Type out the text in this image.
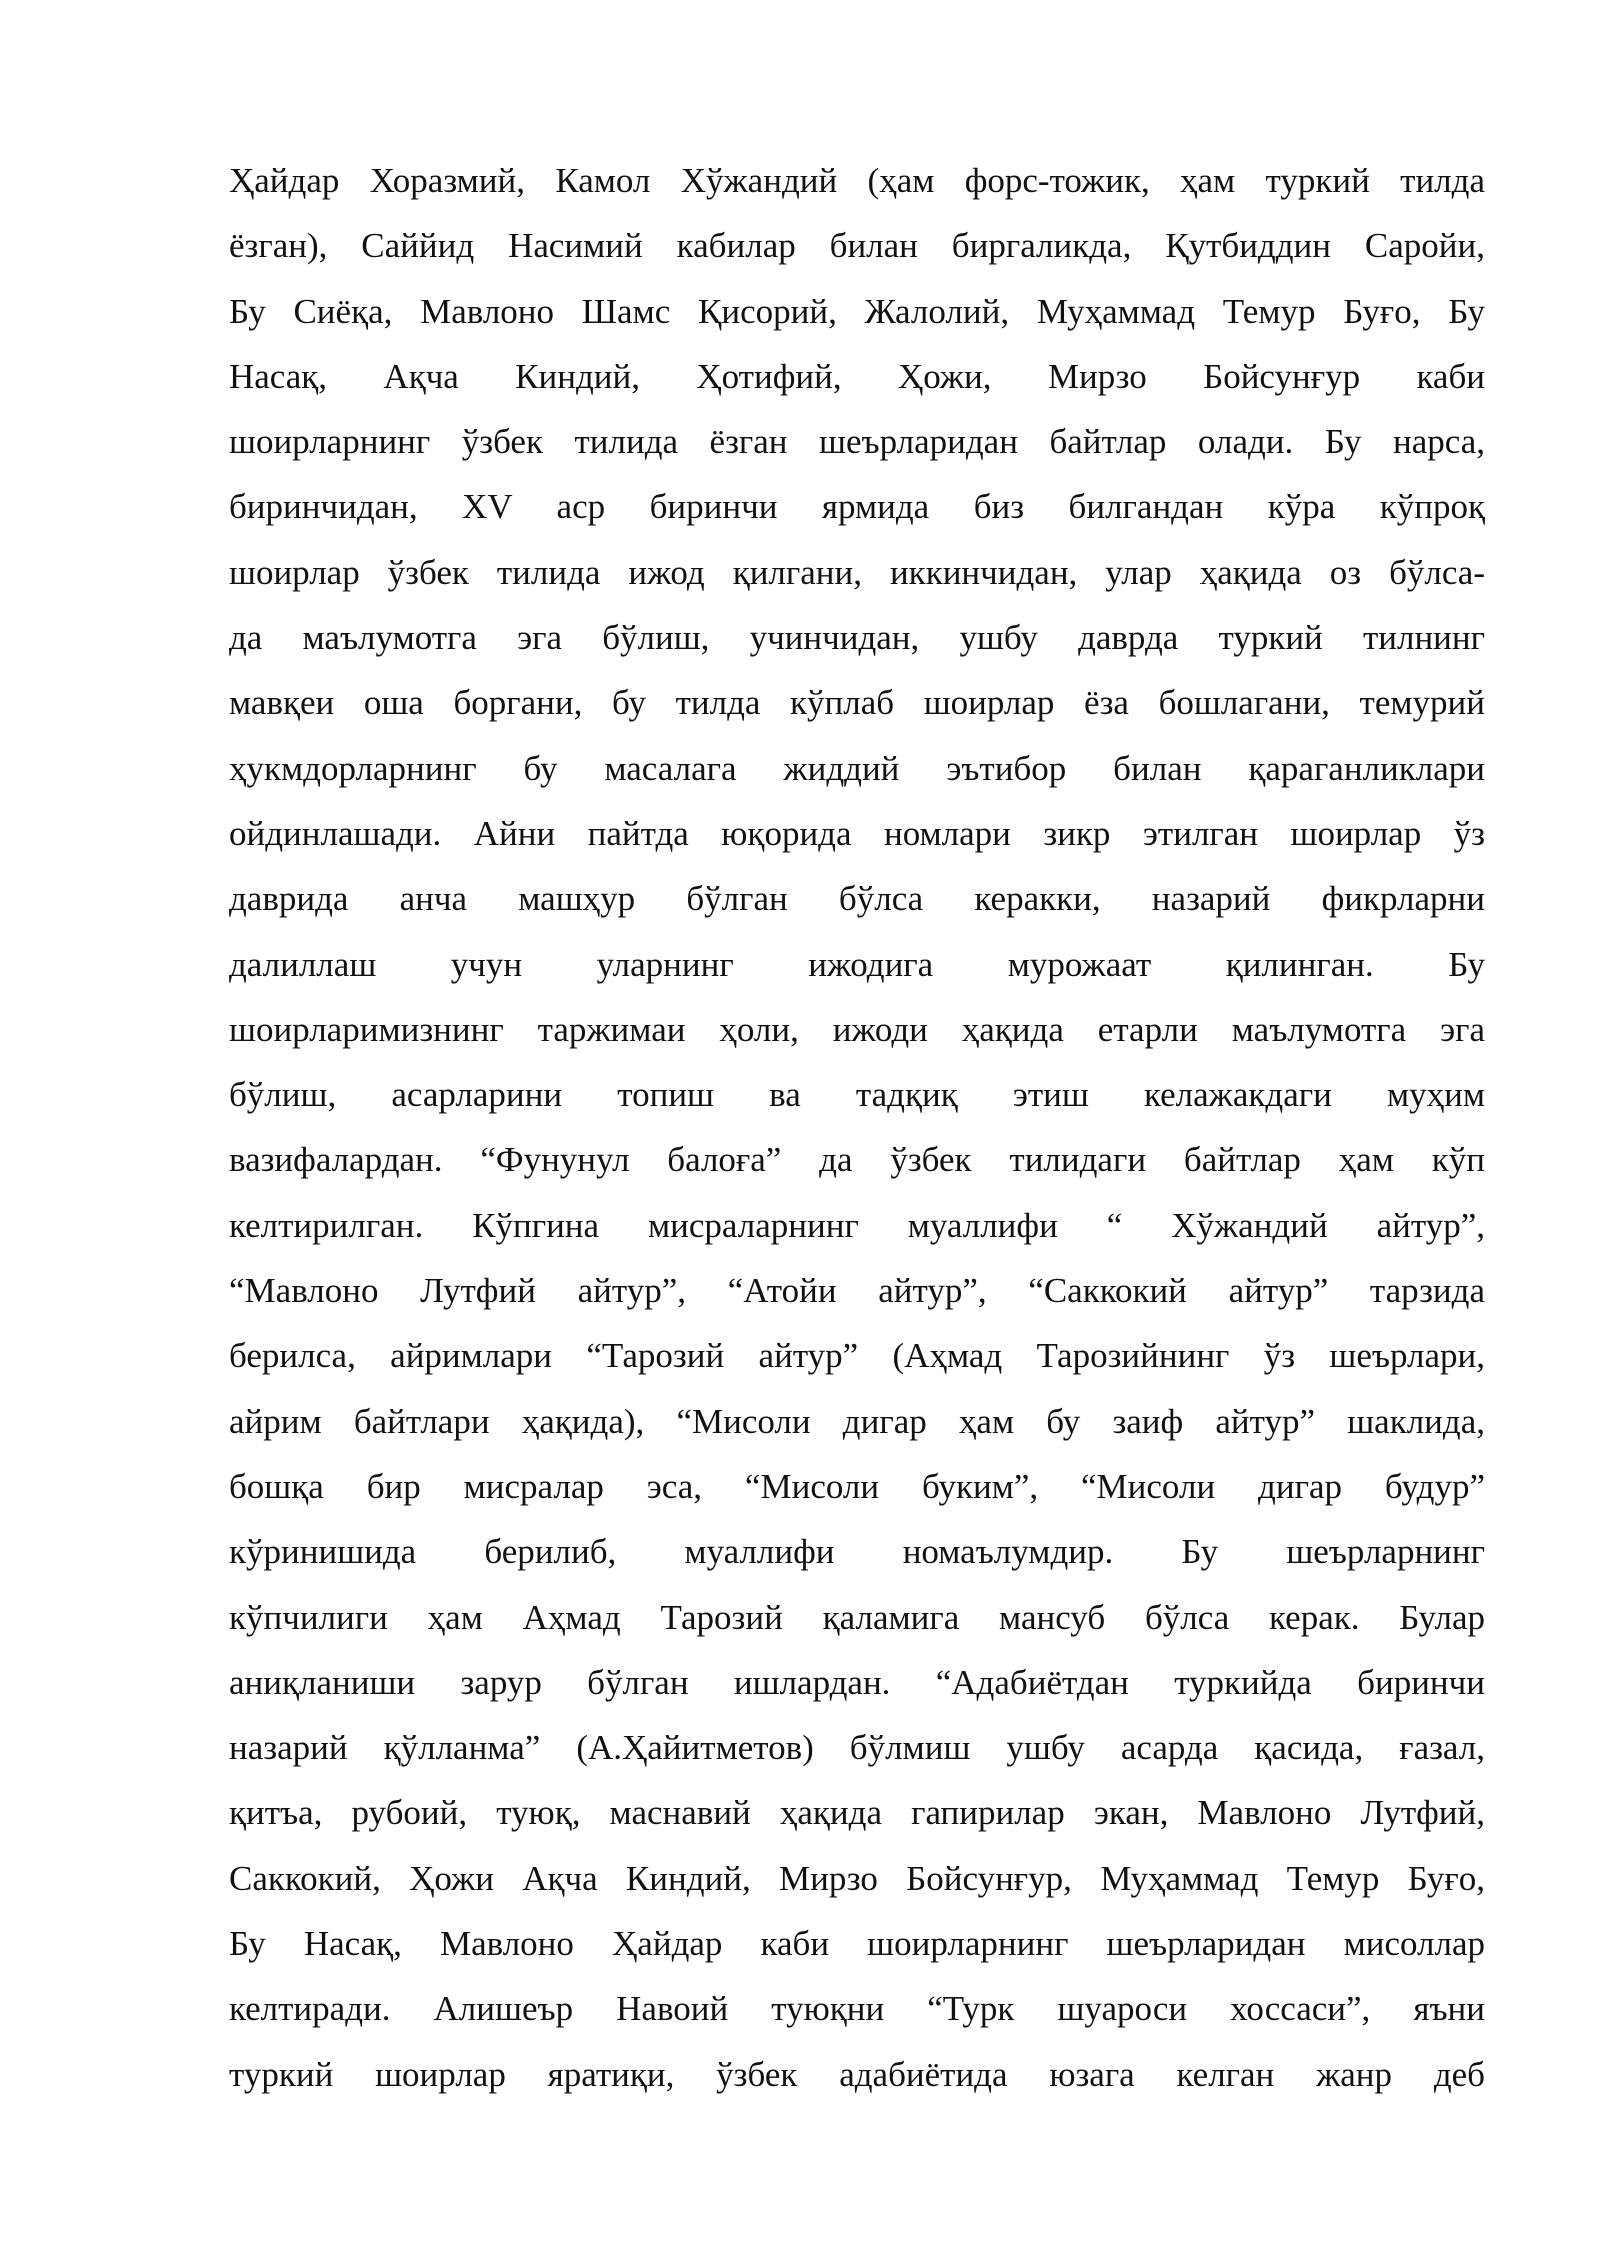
Ҳайдар Хоразмий, Камол Хўжандий (ҳам форс-тожик, ҳам туркий тилда
ёзган), Саййид Насимий кабилар билан биргаликда, Қутбиддин Саройи,
Бу Сиёқа, Мавлоно Шамс Қисорий, Жалолий, Муҳаммад Темур Буғо, Бу
Насақ, Ақча Киндий, Ҳотифий, Ҳожи, Мирзо Бойсунғур каби
шоирларнинг ўзбек тилида ёзган шеърларидан байтлар олади. Бу нарса,
биринчидан, XV аср биринчи ярмида биз билгандан кўра кўпроқ
шоирлар ўзбек тилида ижод қилгани, иккинчидан, улар ҳақида оз бўлса-
да маълумотга эга бўлиш, учинчидан, ушбу даврда туркий тилнинг
мавқеи оша боргани, бу тилда кўплаб шоирлар ёза бошлагани, темурий
ҳукмдорларнинг бу масалага жиддий эътибор билан қараганликлари
ойдинлашади. Айни пайтда юқорида номлари зикр этилган шоирлар ўз
даврида анча машҳур бўлган бўлса керакки, назарий фикрларни
далиллаш учун уларнинг ижодига мурожаат қилинган. Бу
шоирларимизнинг таржимаи ҳоли, ижоди ҳақида етарли маълумотга эга
бўлиш, асарларини топиш ва тадқиқ этиш келажакдаги муҳим
вазифалардан. “Фунунул балоға” да ўзбек тилидаги байтлар ҳам кўп
келтирилган. Кўпгина мисраларнинг муаллифи “ Хўжандий айтур”,
“Мавлоно Лутфий айтур”, “Атойи айтур”, “Саккокий айтур” тарзида
берилса, айримлари “Тарозий айтур” (Аҳмад Тарозийнинг ўз шеърлари,
айрим байтлари ҳақида), “Мисоли дигар ҳам бу заиф айтур” шаклида,
бошқа бир мисралар эса, “Мисоли буким”, “Мисоли дигар будур”
кўринишида берилиб, муаллифи номаълумдир. Бу шеърларнинг
кўпчилиги ҳам Аҳмад Тарозий қаламига мансуб бўлса керак. Булар
аниқланиши зарур бўлган ишлардан. “Адабиётдан туркийда биринчи
назарий қўлланма” (А.Ҳайитметов) бўлмиш ушбу асарда қасида, ғазал,
қитъа, рубоий, туюқ, маснавий ҳақида гапирилар экан, Мавлоно Лутфий,
Саккокий, Ҳожи Ақча Киндий, Мирзо Бойсунғур, Муҳаммад Темур Буғо,
Бу Насақ, Мавлоно Ҳайдар каби шоирларнинг шеърларидан мисоллар
келтиради. Алишеър Навоий туюқни “Турк шуароси хоссаси”, яъни
туркий шоирлар яратиқи, ўзбек адабиётида юзага келган жанр деб
